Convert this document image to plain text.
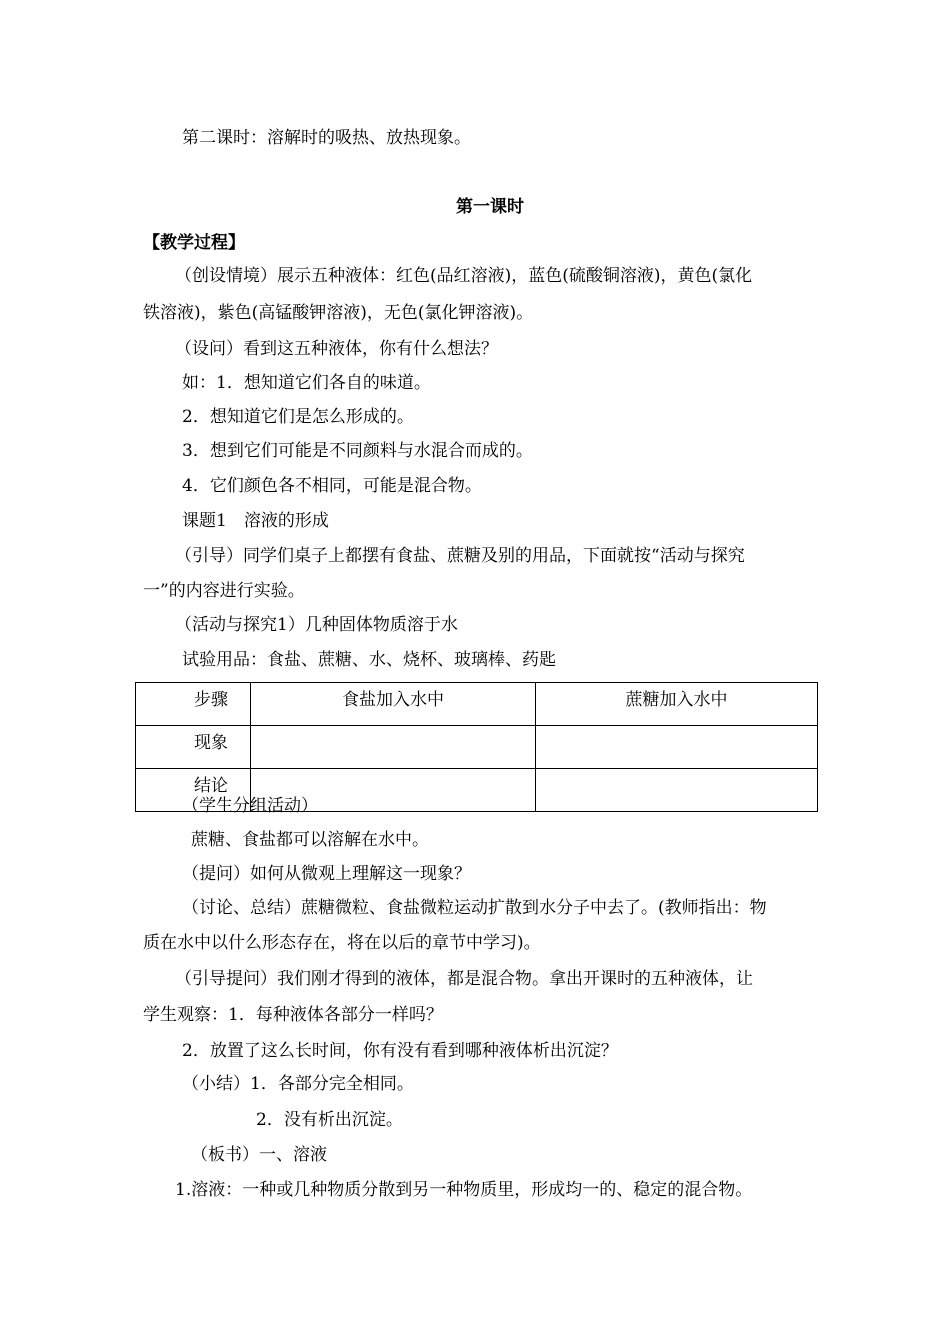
第二课时：溶解时的吸热、放热现象。

第一课时

【教学过程】

（创设情境）展示五种液体：红色(品红溶液)，蓝色(硫酸铜溶液)，黄色(氯化

铁溶液)，紫色(高锰酸钾溶液)，无色(氯化钾溶液)。

（设问）看到这五种液体，你有什么想法？

如：1．想知道它们各自的味道。

2．想知道它们是怎么形成的。

3．想到它们可能是不同颜料与水混合而成的。

4．它们颜色各不相同，可能是混合物。

课题1　溶液的形成

（引导）同学们桌子上都摆有食盐、蔗糖及别的用品，下面就按“活动与探究

一”的内容进行实验。

（活动与探究1）几种固体物质溶于水

试验用品：食盐、蔗糖、水、烧杯、玻璃棒、药匙

步骤	食盐加入水中	蔗糖加入水中
现象		
结论		

（学生分组活动）

蔗糖、食盐都可以溶解在水中。

（提问）如何从微观上理解这一现象？

（讨论、总结）蔗糖微粒、食盐微粒运动扩散到水分子中去了。(教师指出：物

质在水中以什么形态存在，将在以后的章节中学习)。

（引导提问）我们刚才得到的液体，都是混合物。拿出开课时的五种液体，让

学生观察：1．每种液体各部分一样吗？

2．放置了这么长时间，你有没有看到哪种液体析出沉淀？

（小结）1．各部分完全相同。

2．没有析出沉淀。

（板书）一、溶液

1.溶液：一种或几种物质分散到另一种物质里，形成均一的、稳定的混合物。
